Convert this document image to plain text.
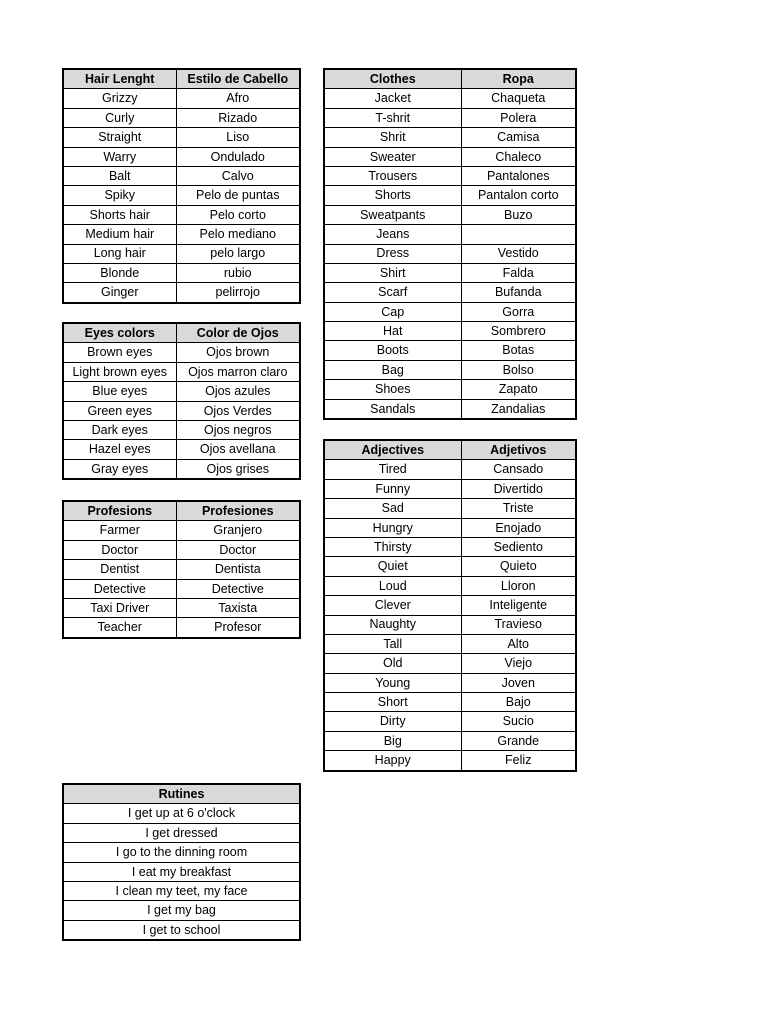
Hair Lenght	Estilo de Cabello
Grizzy	Afro
Curly	Rizado
Straight	Liso
Warry	Ondulado
Balt	Calvo
Spiky	Pelo de puntas
Shorts hair	Pelo corto
Medium hair	Pelo mediano
Long hair	pelo largo
Blonde	rubio
Ginger	pelirrojo
Eyes colors	Color de Ojos
Brown eyes	Ojos brown
Light brown eyes	Ojos marron claro
Blue eyes	Ojos azules
Green eyes	Ojos Verdes
Dark eyes	Ojos negros
Hazel eyes	Ojos avellana
Gray eyes	Ojos grises
Profesions	Profesiones
Farmer	Granjero
Doctor	Doctor
Dentist	Dentista
Detective	Detective
Taxi Driver	Taxista
Teacher	Profesor
Rutines
I get up at 6 o'clock
I get dressed
I go to the dinning room
I eat my breakfast
I clean my teet, my face
I get my bag
I get to school
Clothes	Ropa
Jacket	Chaqueta
T-shrit	Polera
Shrit	Camisa
Sweater	Chaleco
Trousers	Pantalones
Shorts	Pantalon corto
Sweatpants	Buzo
Jeans	
Dress	Vestido
Shirt	Falda
Scarf	Bufanda
Cap	Gorra
Hat	Sombrero
Boots	Botas
Bag	Bolso
Shoes	Zapato
Sandals	Zandalias
Adjectives	Adjetivos
Tired	Cansado
Funny	Divertido
Sad	Triste
Hungry	Enojado
Thirsty	Sediento
Quiet	Quieto
Loud	Lloron
Clever	Inteligente
Naughty	Travieso
Tall	Alto
Old	Viejo
Young	Joven
Short	Bajo
Dirty	Sucio
Big	Grande
Happy	Feliz
